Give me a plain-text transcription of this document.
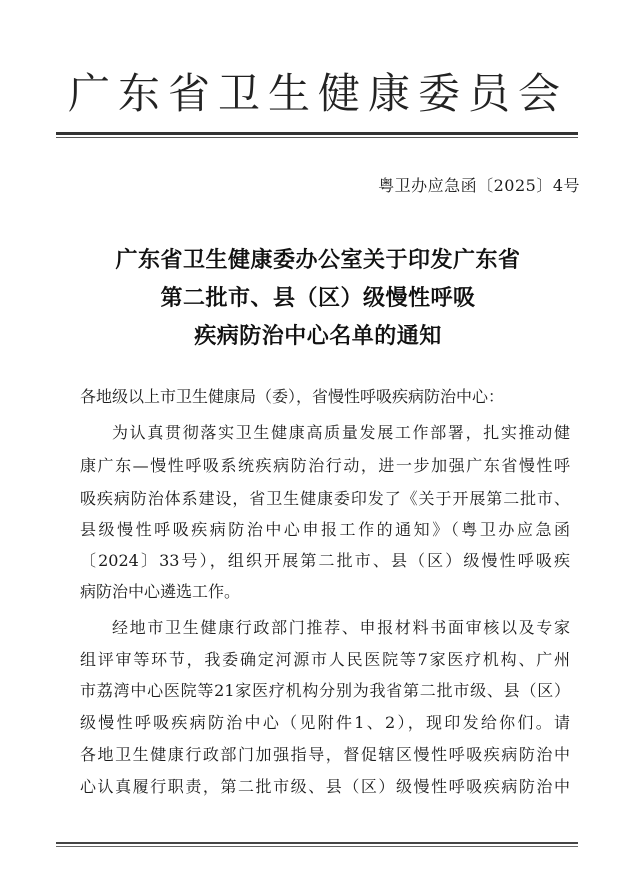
广东省卫生健康委员会
粤卫办应急函〔2025〕4号
广东省卫生健康委办公室关于印发广东省
第二批市、县（区）级慢性呼吸
疾病防治中心名单的通知
各地级以上市卫生健康局（委），省慢性呼吸疾病防治中心：
为认真贯彻落实卫生健康高质量发展工作部署，扎实推动健
康广东—慢性呼吸系统疾病防治行动，进一步加强广东省慢性呼
吸疾病防治体系建设，省卫生健康委印发了《关于开展第二批市、
县级慢性呼吸疾病防治中心申报工作的通知》（粤卫办应急函
〔2024〕33号），组织开展第二批市、县（区）级慢性呼吸疾
病防治中心遴选工作。
经地市卫生健康行政部门推荐、申报材料书面审核以及专家
组评审等环节，我委确定河源市人民医院等7家医疗机构、广州
市荔湾中心医院等21家医疗机构分别为我省第二批市级、县（区）
级慢性呼吸疾病防治中心（见附件1、2），现印发给你们。请
各地卫生健康行政部门加强指导，督促辖区慢性呼吸疾病防治中
心认真履行职责，第二批市级、县（区）级慢性呼吸疾病防治中
